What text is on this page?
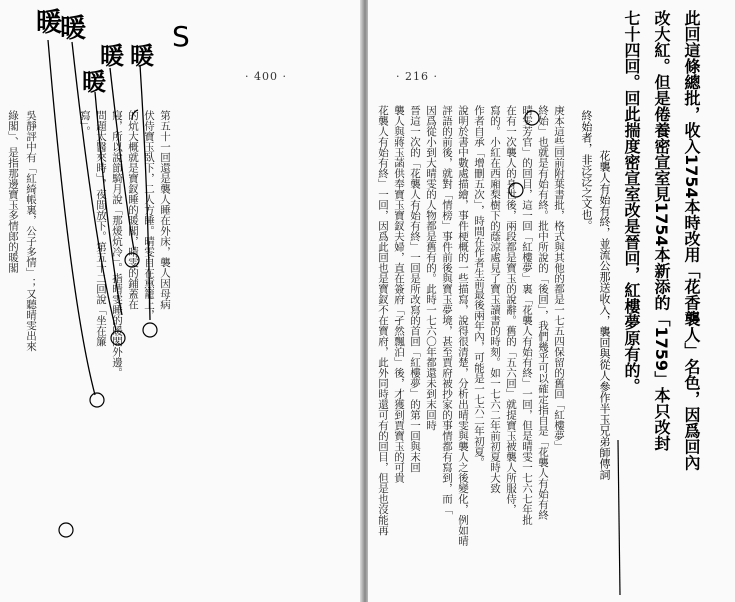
· 400 ·
綠閣」、是指那邊寶玉多情郎的暖閣 吳靜評中有「紅綺帳裏，公子多情」；又聽晴雯出來	寫」。 問題太醫來時」，夜間放下。第五十二回說「坐在簾 寢，所以說節騎月說「那煖炕冷」。指晴雯睡的暖閣外邊。 的炕大概就是寶釵睡的暖閣，晴雯的鋪蓋在 伏侍寶玉臥下，二人方睡。晴雯自在熏籠上， 第五十一回還是襲人睡在外床，襲人因母病
暖
暖
暖 暖
暖
S
· 216 ·
花襲人有始有終」一回，因爲此回也是寶釵不在寶府，此外同時還可有的回目，但是也沒能再 襲人與蔣玉菡供奉寶玉寶釵夫婦，直在簽府「孑然飄泊」後，才獲到賈寶玉的可貴 晉這一次的「花襲人有始有終」一回是所改寫的首回「紅樓夢」的第一回與末回 因爲從小到大晴雯的人物都是舊有的。此時一七六〇年都還未到末回時 評語的前後，就對「情榜」事件前後與寶玉夢境，甚至賈府被抄家的事情都有寫到，而「 說明於書中數處描繪，事件梗概的一些描寫，說得很清楚，分析出晴雯與襲人之後變化，例如晴 作者自承「增刪五次」，時間在作者生前最後兩年內，可能是一七六二年初夏。 寫的。小紅在西廂梨樹下的蔭涼處見了寶玉讀書的時刻。如一七六二年前初夏時大致 在有一次襲人的身世後，兩段都是寶玉的說辭。舊的「五六回」就提寶玉被襲人所服侍， 晴雯芳官」的回目，這一回「紅樓夢」裏「花襲人有始有終」一回，但是晴雯一七六七年批 終始」也就是有始有終。批中所說的「後回」，我們幾乎可以確定指自是「花襲人有始有終 庚本這些回前附葉書批，格式與其他的都是一七五四保留的舊回「紅樓夢」 終始者，非泛泛之文也。 花襲人有始有終，並流公那送收入，襲回與從人參作半玉兄弟師傳詞 七十四回。回此揣度密宣室改是晉回，紅樓夢原有的。 改大紅。但是倦養密宣室見1754本新添的「1759」本只改封 此回這條總批，收入1754本時改用「花香襲人」名色，因爲回內
